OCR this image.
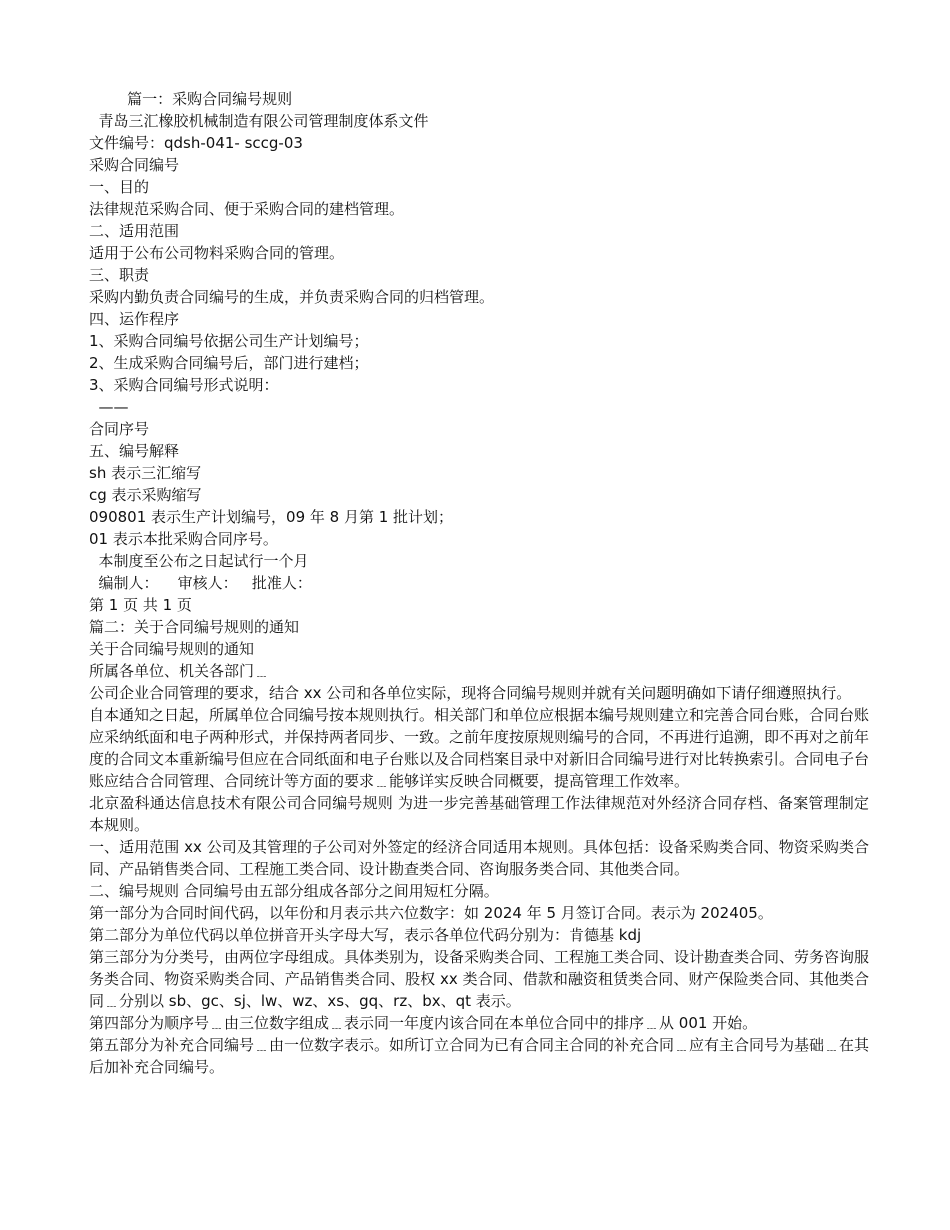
篇一：采购合同编号规则
青岛三汇橡胶机械制造有限公司管理制度体系文件
文件编号：qdsh-041- sccg-03
采购合同编号
一、目的
法律规范采购合同、便于采购合同的建档管理。
二、适用范围
适用于公布公司物料采购合同的管理。
三、职责
采购内勤负责合同编号的生成，并负责采购合同的归档管理。
四、运作程序
1、采购合同编号依据公司生产计划编号；
2、生成采购合同编号后，部门进行建档；
3、采购合同编号形式说明：
——
合同序号
五、编号解释
sh 表示三汇缩写
cg 表示采购缩写
090801 表示生产计划编号，09 年 8 月第 1 批计划；
01 表示本批采购合同序号。
本制度至公布之日起试行一个月
编制人：    审核人：   批准人：
第 1 页 共 1 页
篇二：关于合同编号规则的通知
关于合同编号规则的通知
所属各单位、机关各部门﹍
公司企业合同管理的要求，结合 xx 公司和各单位实际，现将合同编号规则并就有关问题明确如下请仔细遵照执行。
自本通知之日起，所属单位合同编号按本规则执行。相关部门和单位应根据本编号规则建立和完善合同台账，合同台账应采纳纸面和电子两种形式，并保持两者同步、一致。之前年度按原规则编号的合同，不再进行追溯，即不再对之前年度的合同文本重新编号但应在合同纸面和电子台账以及合同档案目录中对新旧合同编号进行对比转换索引。合同电子台账应结合合同管理、合同统计等方面的要求﹍能够详实反映合同概要，提高管理工作效率。
北京盈科通达信息技术有限公司合同编号规则 为进一步完善基础管理工作法律规范对外经济合同存档、备案管理制定本规则。
一、适用范围 xx 公司及其管理的子公司对外签定的经济合同适用本规则。具体包括：设备采购类合同、物资采购类合同、产品销售类合同、工程施工类合同、设计勘查类合同、咨询服务类合同、其他类合同。
二、编号规则 合同编号由五部分组成各部分之间用短杠分隔。
第一部分为合同时间代码，以年份和月表示共六位数字：如 2024 年 5 月签订合同。表示为 202405。
第二部分为单位代码以单位拼音开头字母大写，表示各单位代码分别为：肯德基 kdj
第三部分为分类号，由两位字母组成。具体类别为，设备采购类合同、工程施工类合同、设计勘查类合同、劳务咨询服务类合同、物资采购类合同、产品销售类合同、股权 xx 类合同、借款和融资租赁类合同、财产保险类合同、其他类合同﹍分别以 sb、gc、sj、lw、wz、xs、gq、rz、bx、qt 表示。
第四部分为顺序号﹍由三位数字组成﹍表示同一年度内该合同在本单位合同中的排序﹍从 001 开始。
第五部分为补充合同编号﹍由一位数字表示。如所订立合同为已有合同主合同的补充合同﹍应有主合同号为基础﹍在其后加补充合同编号。
